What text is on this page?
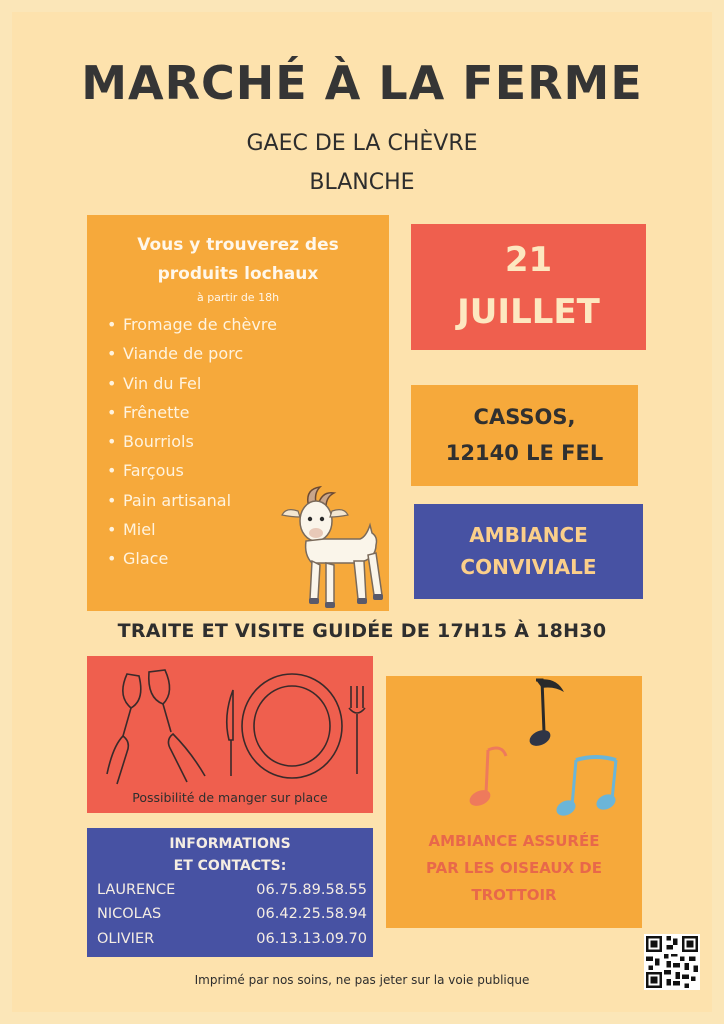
MARCHÉ À LA FERME
GAEC DE LA CHÈVRE
BLANCHE
Vous y trouverez des
produits lochaux
à partir de 18h
• Fromage de chèvre
• Viande de porc
• Vin du Fel
• Frênette
• Bourriols
• Farçous
• Pain artisanal
• Miel
• Glace
21
JUILLET
CASSOS,
12140 LE FEL
AMBIANCE
CONVIVIALE
TRAITE ET VISITE GUIDÉE DE 17H15 À 18H30
Possibilité de manger sur place
AMBIANCE ASSURÉE
PAR LES OISEAUX DE
TROTTOIR
INFORMATIONS
ET CONTACTS:
LAURENCE	06.75.89.58.55
NICOLAS	06.42.25.58.94
OLIVIER	06.13.13.09.70
Imprimé par nos soins, ne pas jeter sur la voie publique
